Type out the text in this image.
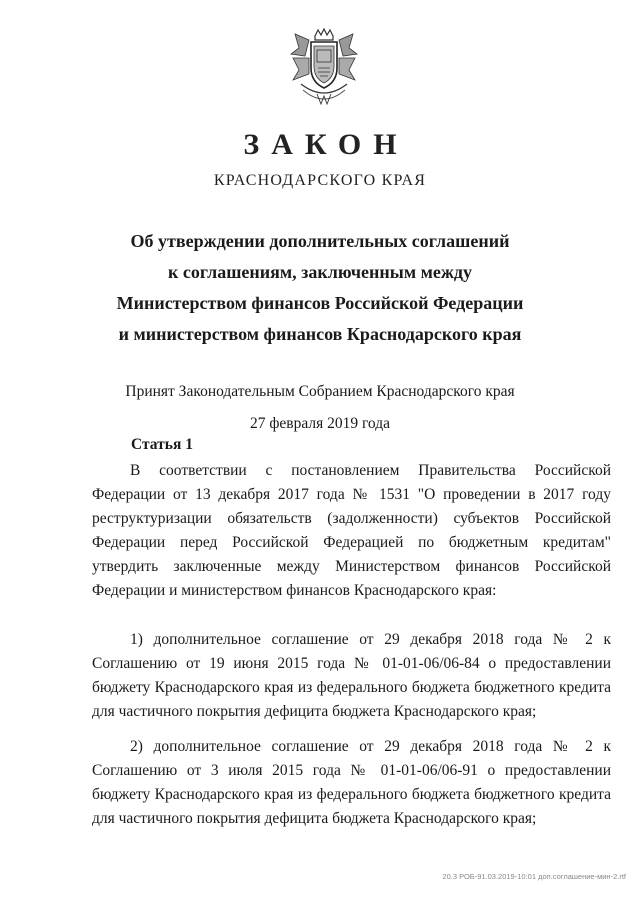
ЗАКОН
КРАСНОДАРСКОГО КРАЯ
Об утверждении дополнительных соглашений
к соглашениям, заключенным между
Министерством финансов Российской Федерации
и министерством финансов Краснодарского края
Принят Законодательным Собранием Краснодарского края
27 февраля 2019 года
Статья 1

В соответствии с постановлением Правительства Российской Федерации от 13 декабря 2017 года № 1531 "О проведении в 2017 году реструктуризации обязательств (задолженности) субъектов Российской Федерации перед Российской Федерацией по бюджетным кредитам" утвердить заключенные между Министерством финансов Российской Федерации и министерством финансов Краснодарского края:

1) дополнительное соглашение от 29 декабря 2018 года № 2 к Соглашению от 19 июня 2015 года № 01-01-06/06-84 о предоставлении бюджету Краснодарского края из федерального бюджета бюджетного кредита для частичного покрытия дефицита бюджета Краснодарского края;

2) дополнительное соглашение от 29 декабря 2018 года № 2 к Соглашению от 3 июля 2015 года № 01-01-06/06-91 о предоставлении бюджету Краснодарского края из федерального бюджета бюджетного кредита для частичного покрытия дефицита бюджета Краснодарского края;

20.3 РОБ-91.03.2019-10:01 доп.соглашение-мин-2.rtf
